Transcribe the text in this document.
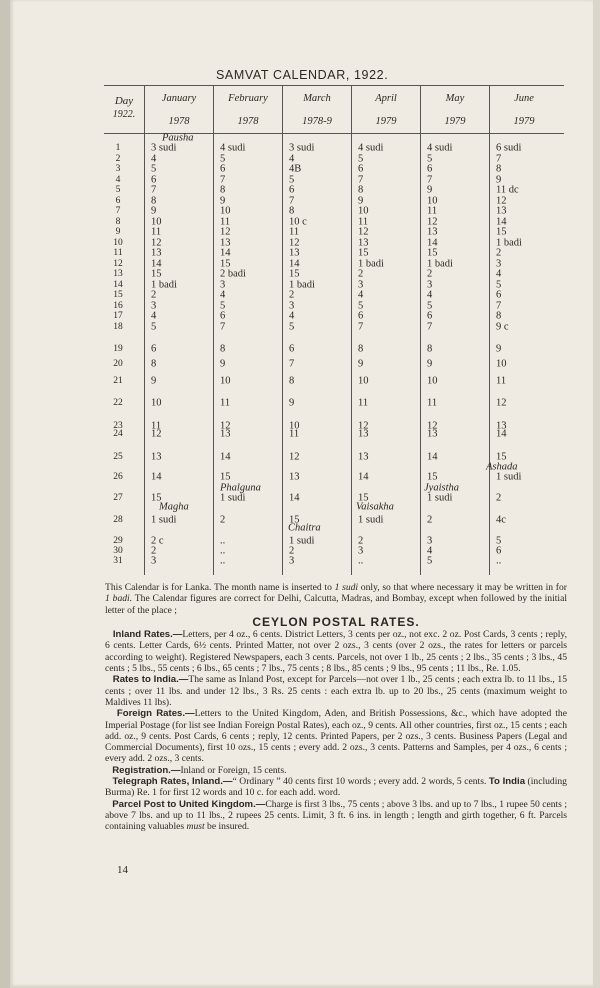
SAMVAT CALENDAR, 1922.
Day
1922.
January	February	March	April	May	June
1978	1978	1978-9	1979	1979	1979
Pausha
Phalguna
Magha
Chaitra
Vaisakha
Jyaistha
Ashada
1	3 sudi	4 sudi	3 sudi	4 sudi	4 sudi	6 sudi
2	4	5	4	5	5	7
3	5	6	4B	6	6	8
4	6	7	5	7	7	9
5	7	8	6	8	9	11 dc
6	8	9	7	9	10	12
7	9	10	8	10	11	13
8	10	11	10 c	11	12	14
9	11	12	11	12	13	15
10	12	13	12	13	14	1 badi
11	13	14	13	15	15	2
12	14	15	14	1 badi	1 badi	3
13	15	2 badi	15	2	2	4
14	1 badi	3	1 badi	3	3	5
15	2	4	2	4	4	6
16	3	5	3	5	5	7
17	4	6	4	6	6	8
18	5	7	5	7	7	9 c
19	6	8	6	8	8	9
20	8	9	7	9	9	10
21	9	10	8	10	10	11
22	10	11	9	11	11	12
23	11	12	10	12	12	13
24	12	13	11	13	13	14
25	13	14	12	13	14	15
26	14	15	13	14	15	1 sudi
27	15	1 sudi	14	15	1 sudi	2
28	1 sudi	2	15	1 sudi	2	4c
29	2 c	..	1 sudi	2	3	5
30	2	..	2	3	4	6
31	3	..	3	..	5	..

This Calendar is for Lanka. The month name is inserted to 1 sudi only, so that where necessary it may be written in for 1 badi. The Calendar figures are correct for Delhi, Calcutta, Madras, and Bombay, except when followed by the initial letter of the place ;

CEYLON POSTAL RATES.

Inland Rates.—Letters, per 4 oz., 6 cents. District Letters, 3 cents per oz., not exc. 2 oz. Post Cards, 3 cents ; reply, 6 cents. Letter Cards, 6½ cents. Printed Matter, not over 2 ozs., 3 cents (over 2 ozs., the rates for letters or parcels according to weight). Registered Newspapers, each 3 cents. Parcels, not over 1 lb., 25 cents ; 2 lbs., 35 cents ; 3 lbs., 45 cents ; 5 lbs., 55 cents ; 6 lbs., 65 cents ; 7 lbs., 75 cents ; 8 lbs., 85 cents ; 9 lbs., 95 cents ; 11 lbs., Re. 1.05.

Rates to India.—The same as Inland Post, except for Parcels—not over 1 lb., 25 cents ; each extra lb. to 11 lbs., 15 cents ; over 11 lbs. and under 12 lbs., 3 Rs. 25 cents : each extra lb. up to 20 lbs., 25 cents (maximum weight to Maldives 11 lbs).

Foreign Rates.—Letters to the United Kingdom, Aden, and British Possessions, &c., which have adopted the Imperial Postage (for list see Indian Foreign Postal Rates), each oz., 9 cents. All other countries, first oz., 15 cents ; each add. oz., 9 cents. Post Cards, 6 cents ; reply, 12 cents. Printed Papers, per 2 ozs., 3 cents. Business Papers (Legal and Commercial Documents), first 10 ozs., 15 cents ; every add. 2 ozs., 3 cents. Patterns and Samples, per 4 ozs., 6 cents ; every add. 2 ozs., 3 cents.

Registration.—Inland or Foreign, 15 cents.

Telegraph Rates, Inland.—“ Ordinary ” 40 cents first 10 words ; every add. 2 words, 5 cents. To India (including Burma) Re. 1 for first 12 words and 10 c. for each add. word.

Parcel Post to United Kingdom.—Charge is first 3 lbs., 75 cents ; above 3 lbs. and up to 7 lbs., 1 rupee 50 cents ; above 7 lbs. and up to 11 lbs., 2 rupees 25 cents. Limit, 3 ft. 6 ins. in length ; length and girth together, 6 ft. Parcels containing valuables must be insured.

14
